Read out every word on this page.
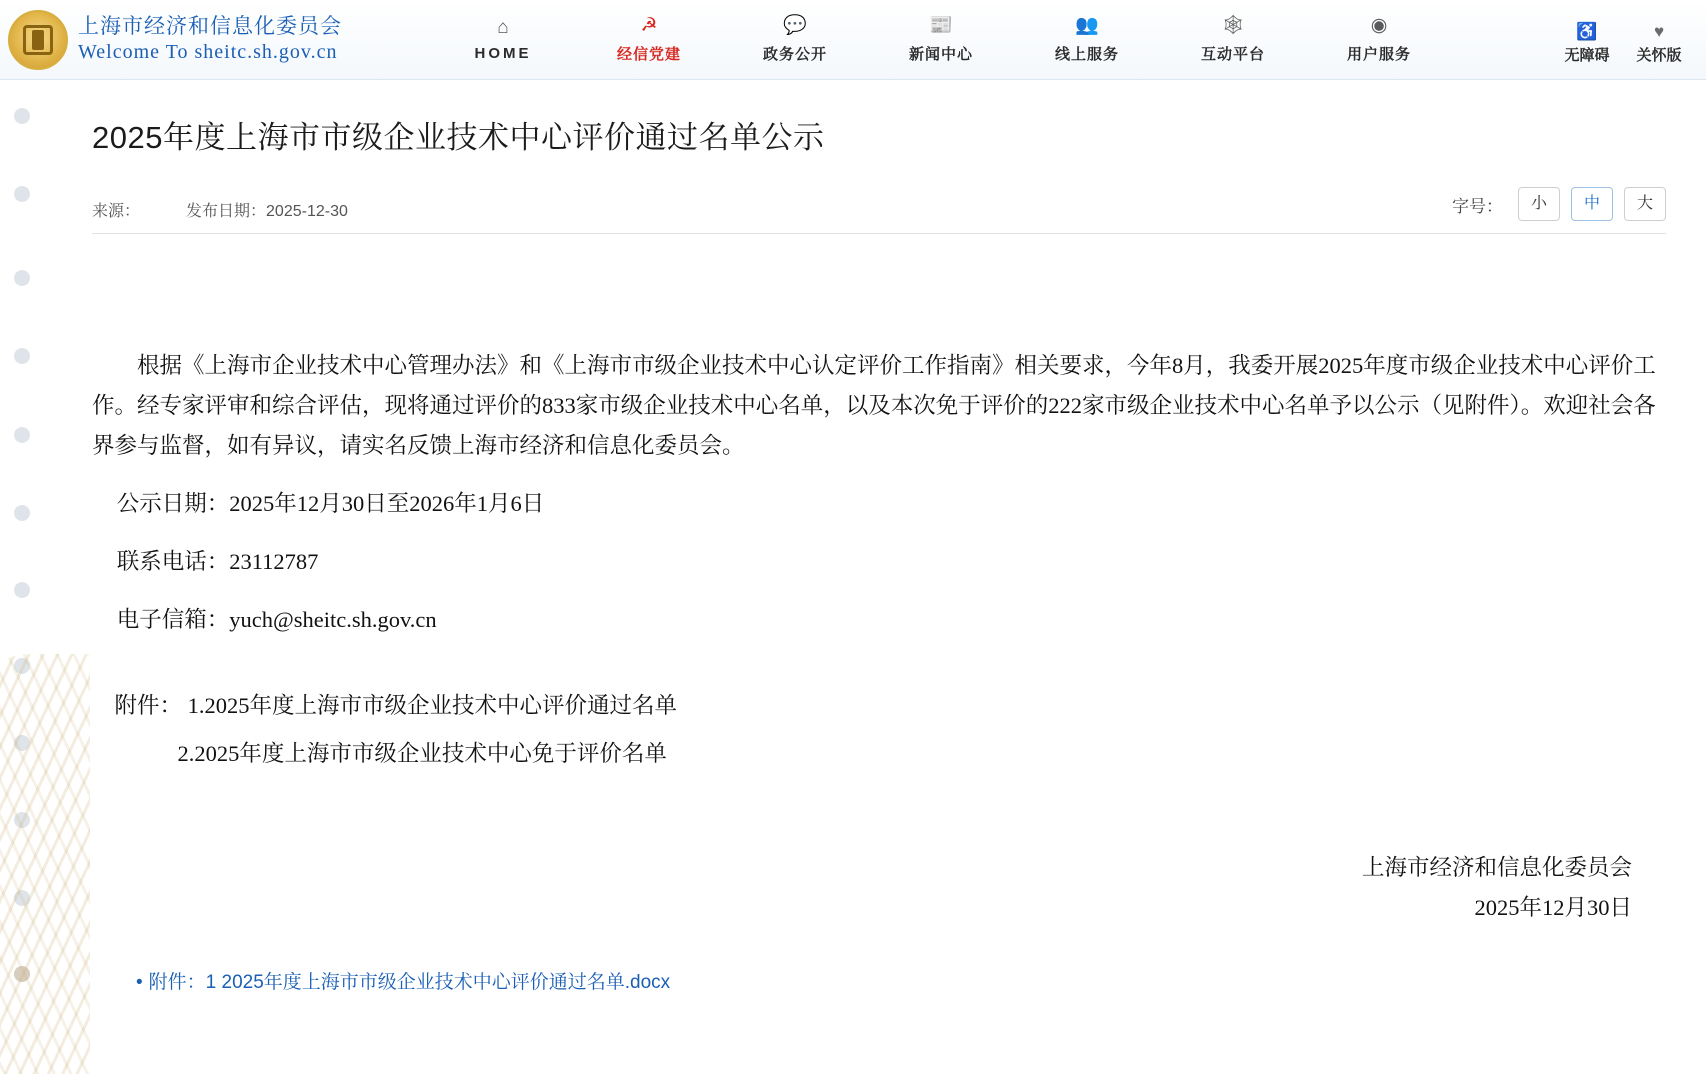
上海市经济和信息化委员会
Welcome To sheitc.sh.gov.cn
⌂
HOME
☭
经信党建
💬
政务公开
📰
新闻中心
👥
线上服务
🕸
互动平台
◉
用户服务
♿
无障碍
♥
关怀版
2025年度上海市市级企业技术中心评价通过名单公示
来源：	发布日期：2025-12-30	字号：	小	中	大

根据《上海市企业技术中心管理办法》和《上海市市级企业技术中心认定评价工作指南》相关要求，今年8月，我委开展2025年度市级企业技术中心评价工作。经专家评审和综合评估，现将通过评价的833家市级企业技术中心名单，以及本次免于评价的222家市级企业技术中心名单予以公示（见附件）。欢迎社会各界参与监督，如有异议，请实名反馈上海市经济和信息化委员会。

公示日期：2025年12月30日至2026年1月6日

联系电话：23112787

电子信箱：yuch@sheitc.sh.gov.cn

附件： 1.2025年度上海市市级企业技术中心评价通过名单

2.2025年度上海市市级企业技术中心免于评价名单

上海市经济和信息化委员会
2025年12月30日
• 附件：1 2025年度上海市市级企业技术中心评价通过名单.docx
